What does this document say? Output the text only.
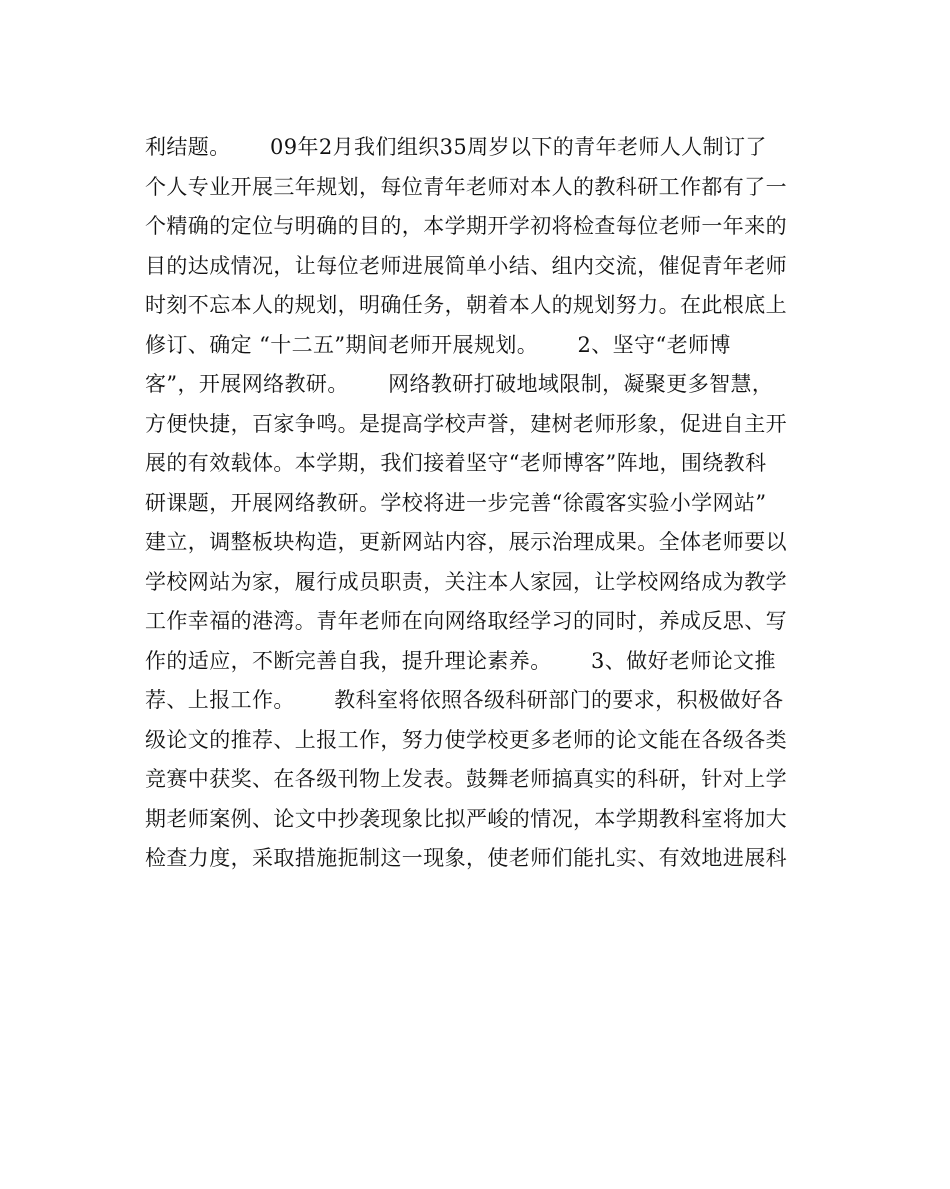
利结题。　　 09年2月我们组织35周岁以下的青年老师人人制订了
个人专业开展三年规划，每位青年老师对本人的教科研工作都有了一
个精确的定位与明确的目的，本学期开学初将检查每位老师一年来的
目的达成情况，让每位老师进展简单小结、组内交流，催促青年老师
时刻不忘本人的规划，明确任务，朝着本人的规划努力。在此根底上
修订、确定 “十二五”期间老师开展规划。　　 2、坚守“老师博
客”，开展网络教研。　　 网络教研打破地域限制，凝聚更多智慧，
方便快捷，百家争鸣。是提高学校声誉，建树老师形象，促进自主开
展的有效载体。本学期，我们接着坚守“老师博客”阵地，围绕教科
研课题，开展网络教研。学校将进一步完善“徐霞客实验小学网站”
建立，调整板块构造，更新网站内容，展示治理成果。全体老师要以
学校网站为家，履行成员职责，关注本人家园，让学校网络成为教学
工作幸福的港湾。青年老师在向网络取经学习的同时，养成反思、写
作的适应，不断完善自我，提升理论素养。　　 3、做好老师论文推
荐、上报工作。　　 教科室将依照各级科研部门的要求，积极做好各
级论文的推荐、上报工作，努力使学校更多老师的论文能在各级各类
竞赛中获奖、在各级刊物上发表。鼓舞老师搞真实的科研，针对上学
期老师案例、论文中抄袭现象比拟严峻的情况，本学期教科室将加大
检查力度，采取措施扼制这一现象，使老师们能扎实、有效地进展科
